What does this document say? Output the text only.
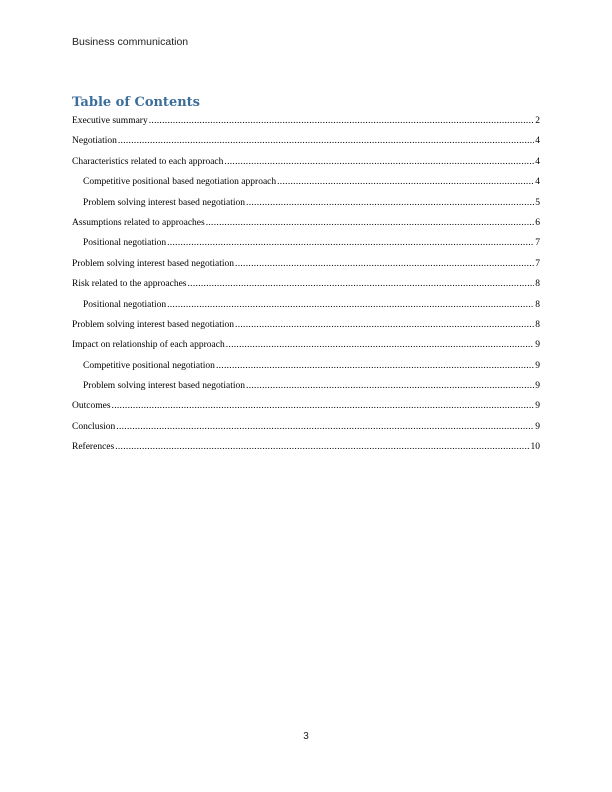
Business communication
Table of Contents
Executive summary .....	2
Negotiation .....	4
Characteristics related to each approach .....	4
Competitive positional based negotiation approach .....	4
Problem solving interest based negotiation .....	5
Assumptions related to approaches .....	6
Positional negotiation .....	7
Problem solving interest based negotiation .....	7
Risk related to the approaches .....	8
Positional negotiation .....	8
Problem solving interest based negotiation .....	8
Impact on relationship of each approach .....	9
Competitive positional negotiation .....	9
Problem solving interest based negotiation .....	9
Outcomes .....	9
Conclusion .....	9
References .....	10
3
